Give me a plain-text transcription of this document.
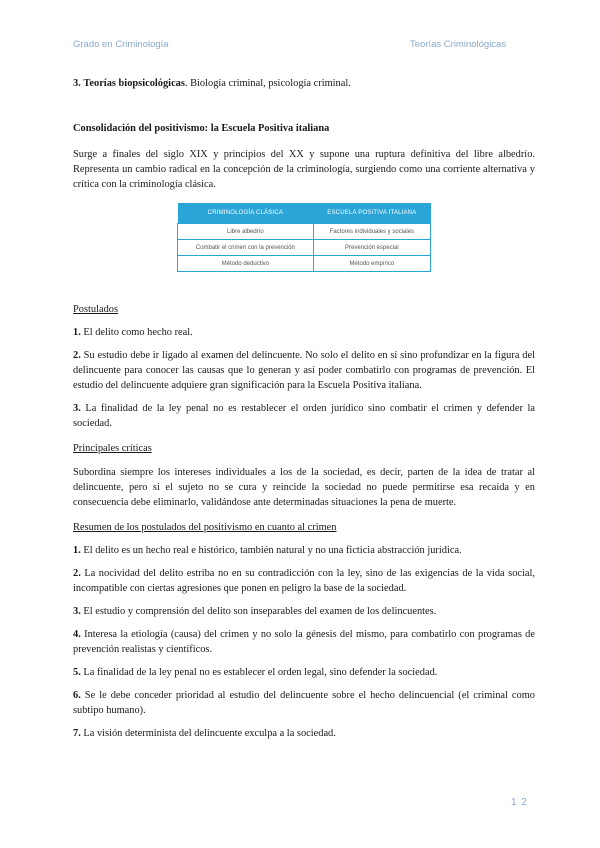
Grado en Criminología	Teorías Criminológicas

3. Teorías biopsicológicas. Biología criminal, psicología criminal.

Consolidación del positivismo: la Escuela Positiva italiana

Surge a finales del siglo XIX y principios del XX y supone una ruptura definitiva del libre albedrío. Representa un cambio radical en la concepción de la criminología, surgiendo como una corriente alternativa y crítica con la criminología clásica.

CRIMINOLOGÍA CLÁSICA	ESCUELA POSITIVA ITALIANA
Libre albedrío	Factores individuales y sociales
Combatir el crimen con la prevención	Prevención especial
Método deductivo	Método empírico

Postulados

1. El delito como hecho real.

2. Su estudio debe ir ligado al examen del delincuente. No solo el delito en sí sino profundizar en la figura del delincuente para conocer las causas que lo generan y así poder combatirlo con programas de prevención. El estudio del delincuente adquiere gran significación para la Escuela Positiva italiana.

3. La finalidad de la ley penal no es restablecer el orden jurídico sino combatir el crimen y defender la sociedad.

Principales críticas

Subordina siempre los intereses individuales a los de la sociedad, es decir, parten de la idea de tratar al delincuente, pero si el sujeto no se cura y reincide la sociedad no puede permitirse esa recaída y en consecuencia debe eliminarlo, validándose ante determinadas situaciones la pena de muerte.

Resumen de los postulados del positivismo en cuanto al crimen

1. El delito es un hecho real e histórico, también natural y no una ficticia abstracción jurídica.

2. La nocividad del delito estriba no en su contradicción con la ley, sino de las exigencias de la vida social, incompatible con ciertas agresiones que ponen en peligro la base de la sociedad.

3. El estudio y comprensión del delito son inseparables del examen de los delincuentes.

4. Interesa la etiología (causa) del crimen y no solo la génesis del mismo, para combatirlo con programas de prevención realistas y científicos.

5. La finalidad de la ley penal no es establecer el orden legal, sino defender la sociedad.

6. Se le debe conceder prioridad al estudio del delincuente sobre el hecho delincuencial (el criminal como subtipo humano).

7. La visión determinista del delincuente exculpa a la sociedad.

1 2
